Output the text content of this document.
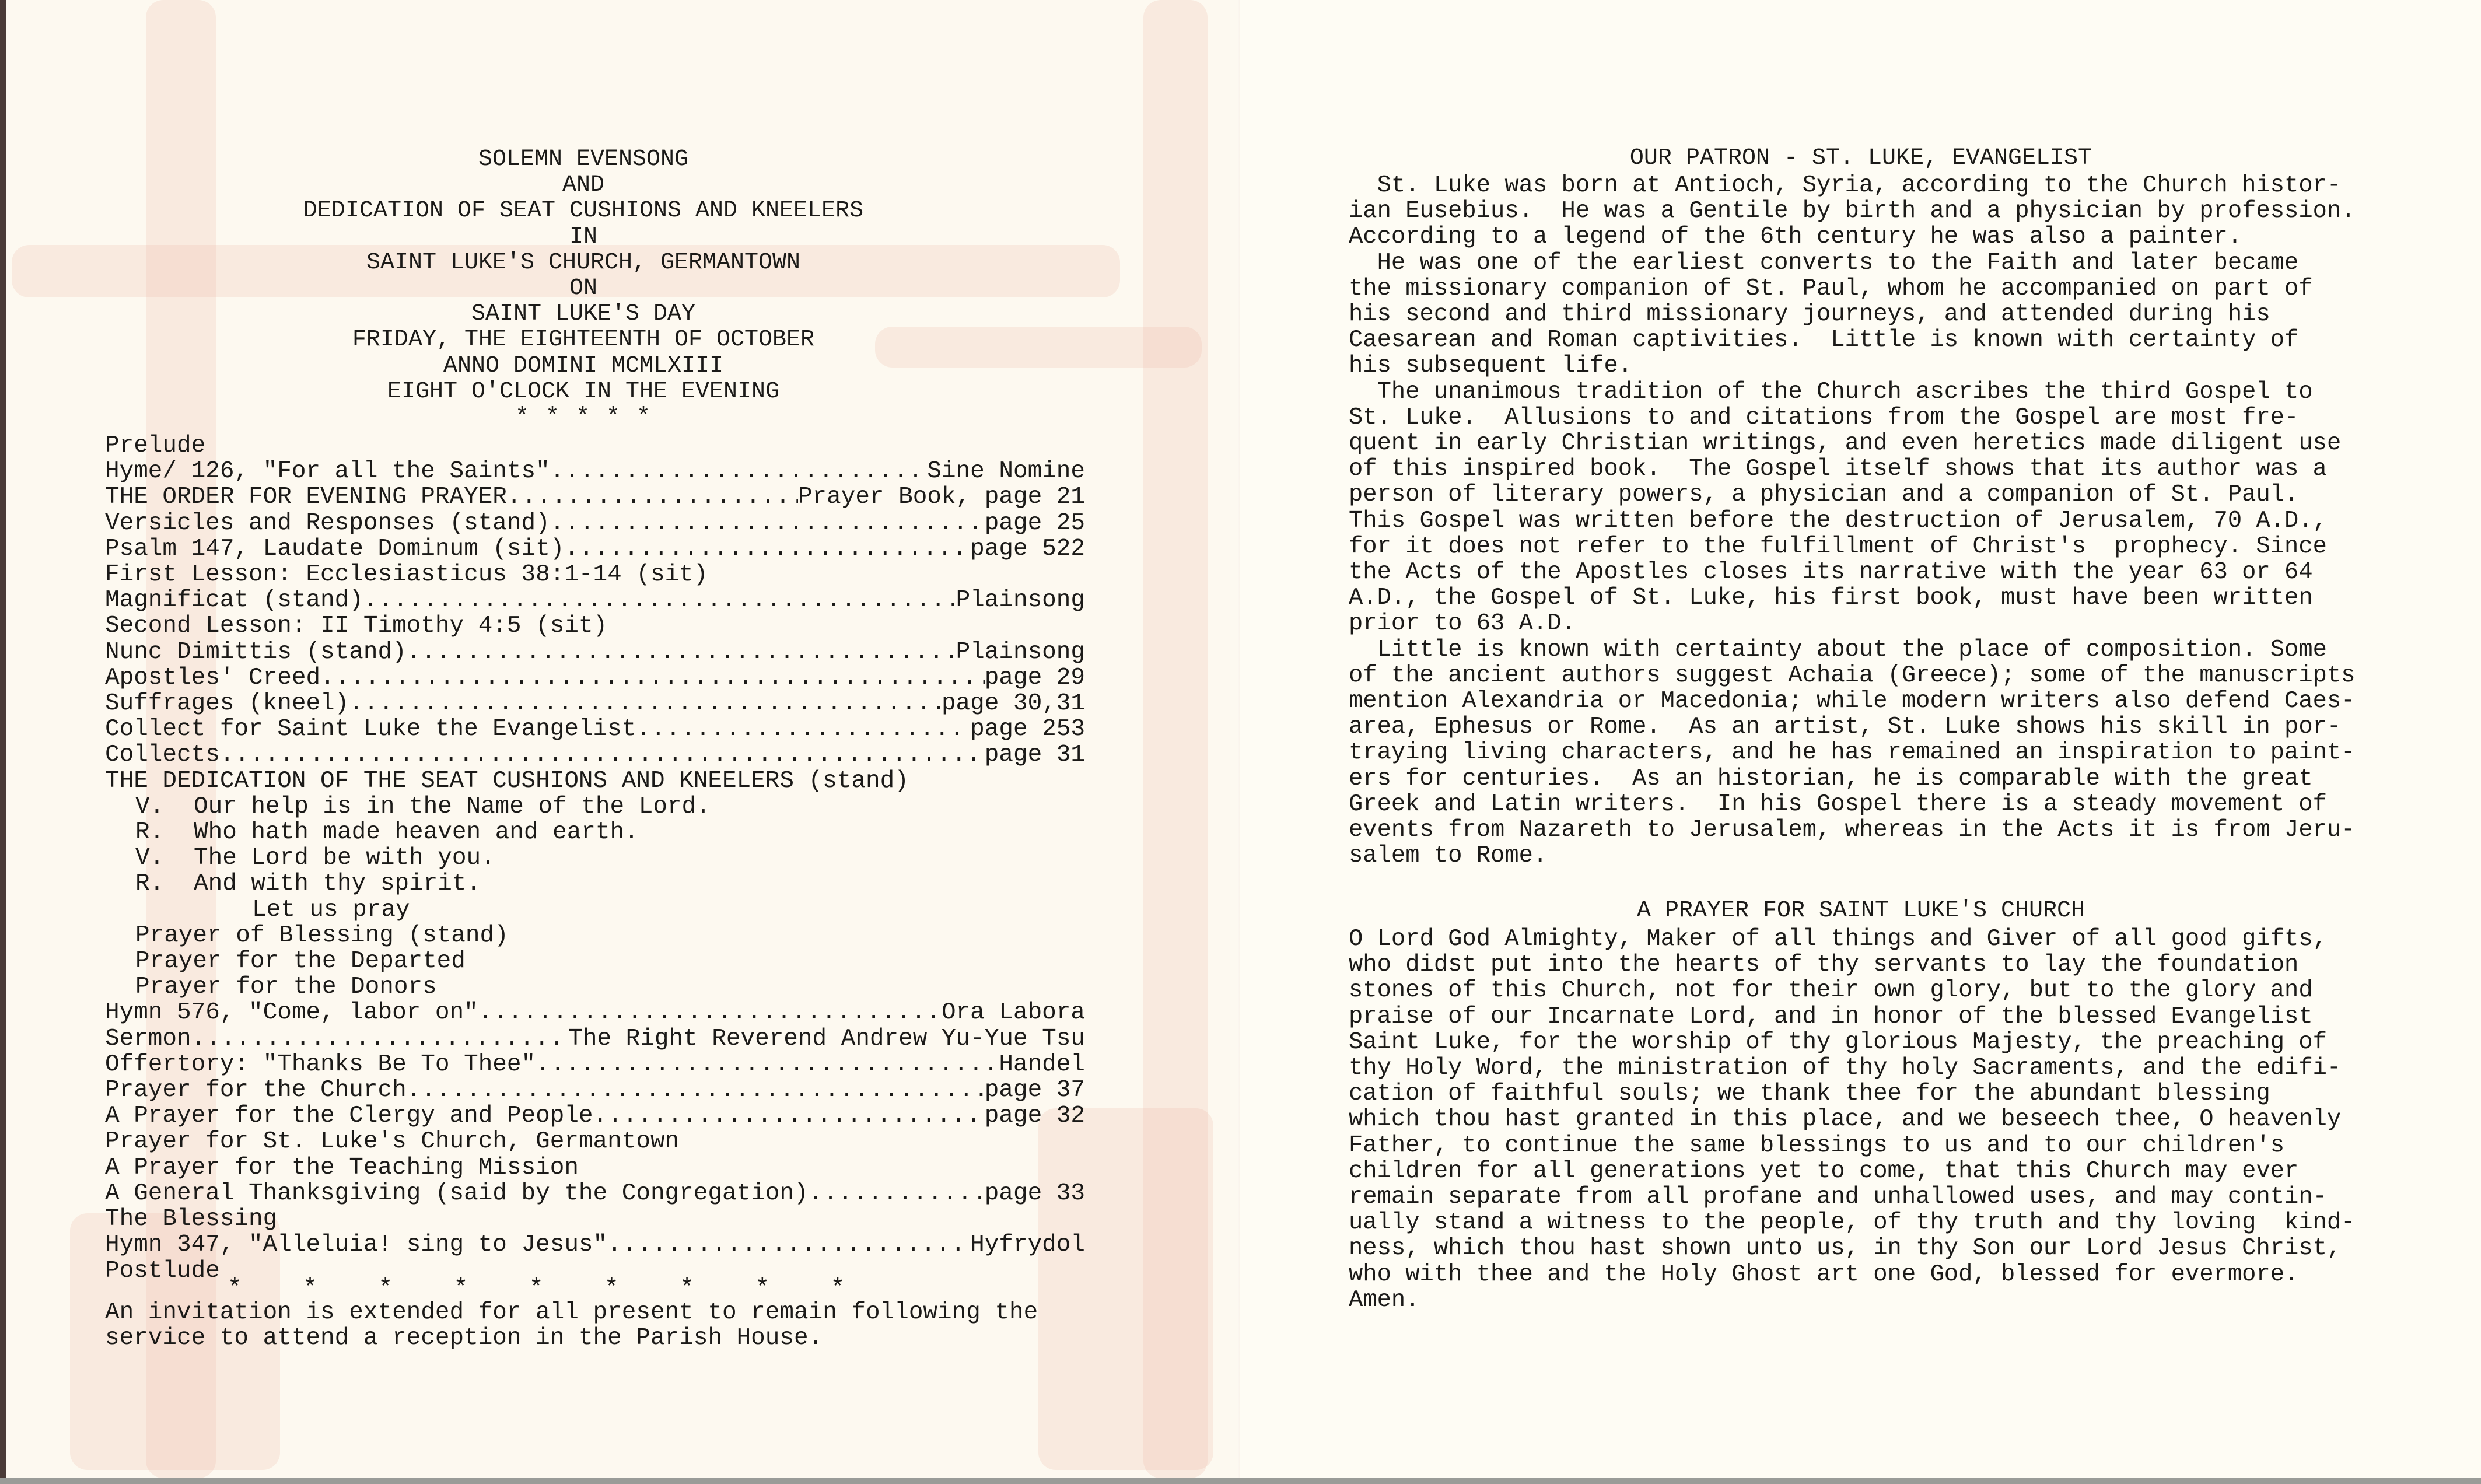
SOLEMN EVENSONG
AND
DEDICATION OF SEAT CUSHIONS AND KNEELERS
IN
SAINT LUKE'S CHURCH, GERMANTOWN
ON
SAINT LUKE'S DAY
FRIDAY, THE EIGHTEENTH OF OCTOBER
ANNO DOMINI MCMLXIII
EIGHT O'CLOCK IN THE EVENING
* * * * *
Prelude
Hyme/ 126, "For all the Saints" .....	Sine Nomine
THE ORDER FOR EVENING PRAYER .....	Prayer Book, page 21
Versicles and Responses (stand) .....	page 25
Psalm 147, Laudate Dominum (sit) .....	page 522
First Lesson: Ecclesiasticus 38:1-14 (sit)
Magnificat (stand) .....	Plainsong
Second Lesson: II Timothy 4:5 (sit)
Nunc Dimittis (stand) .....	Plainsong
Apostles' Creed .....	page 29
Suffrages (kneel) .....	page 30,31
Collect for Saint Luke the Evangelist .....	page 253
Collects .....	page 31
THE DEDICATION OF THE SEAT CUSHIONS AND KNEELERS (stand)
V.	Our help is in the Name of the Lord.
R.	Who hath made heaven and earth.
V.	The Lord be with you.
R.	And with thy spirit.
Let us pray
Prayer of Blessing (stand)
Prayer for the Departed
Prayer for the Donors
Hymn 576, "Come, labor on" .....	Ora Labora
Sermon .....	The Right Reverend Andrew Yu-Yue Tsu
Offertory: "Thanks Be To Thee" .....	Handel
Prayer for the Church .....	page 37
A Prayer for the Clergy and People .....	page 32
Prayer for St. Luke's Church, Germantown
A Prayer for the Teaching Mission
A General Thanksgiving (said by the Congregation) .....	page 33
The Blessing
Hymn 347, "Alleluia! sing to Jesus" .....	Hyfrydol
Postlude
* * * * * * * * *
An invitation is extended for all present to remain following the
service to attend a reception in the Parish House.
OUR PATRON - ST. LUKE, EVANGELIST

St. Luke was born at Antioch, Syria, according to the Church histor-

ian Eusebius.  He was a Gentile by birth and a physician by profession.

According to a legend of the 6th century he was also a painter.

He was one of the earliest converts to the Faith and later became

the missionary companion of St. Paul, whom he accompanied on part of

his second and third missionary journeys, and attended during his

Caesarean and Roman captivities.  Little is known with certainty of

his subsequent life.

The unanimous tradition of the Church ascribes the third Gospel to

St. Luke.  Allusions to and citations from the Gospel are most fre-

quent in early Christian writings, and even heretics made diligent use

of this inspired book.  The Gospel itself shows that its author was a

person of literary powers, a physician and a companion of St. Paul.

This Gospel was written before the destruction of Jerusalem, 70 A.D.,

for it does not refer to the fulfillment of Christ's  prophecy. Since

the Acts of the Apostles closes its narrative with the year 63 or 64

A.D., the Gospel of St. Luke, his first book, must have been written

prior to 63 A.D.

Little is known with certainty about the place of composition. Some

of the ancient authors suggest Achaia (Greece); some of the manuscripts

mention Alexandria or Macedonia; while modern writers also defend Caes-

area, Ephesus or Rome.  As an artist, St. Luke shows his skill in por-

traying living characters, and he has remained an inspiration to paint-

ers for centuries.  As an historian, he is comparable with the great

Greek and Latin writers.  In his Gospel there is a steady movement of

events from Nazareth to Jerusalem, whereas in the Acts it is from Jeru-

salem to Rome.

A PRAYER FOR SAINT LUKE'S CHURCH

O Lord God Almighty, Maker of all things and Giver of all good gifts,

who didst put into the hearts of thy servants to lay the foundation

stones of this Church, not for their own glory, but to the glory and

praise of our Incarnate Lord, and in honor of the blessed Evangelist

Saint Luke, for the worship of thy glorious Majesty, the preaching of

thy Holy Word, the ministration of thy holy Sacraments, and the edifi-

cation of faithful souls; we thank thee for the abundant blessing

which thou hast granted in this place, and we beseech thee, O heavenly

Father, to continue the same blessings to us and to our children's

children for all generations yet to come, that this Church may ever

remain separate from all profane and unhallowed uses, and may contin-

ually stand a witness to the people, of thy truth and thy loving  kind-

ness, which thou hast shown unto us, in thy Son our Lord Jesus Christ,

who with thee and the Holy Ghost art one God, blessed for evermore.

Amen.
